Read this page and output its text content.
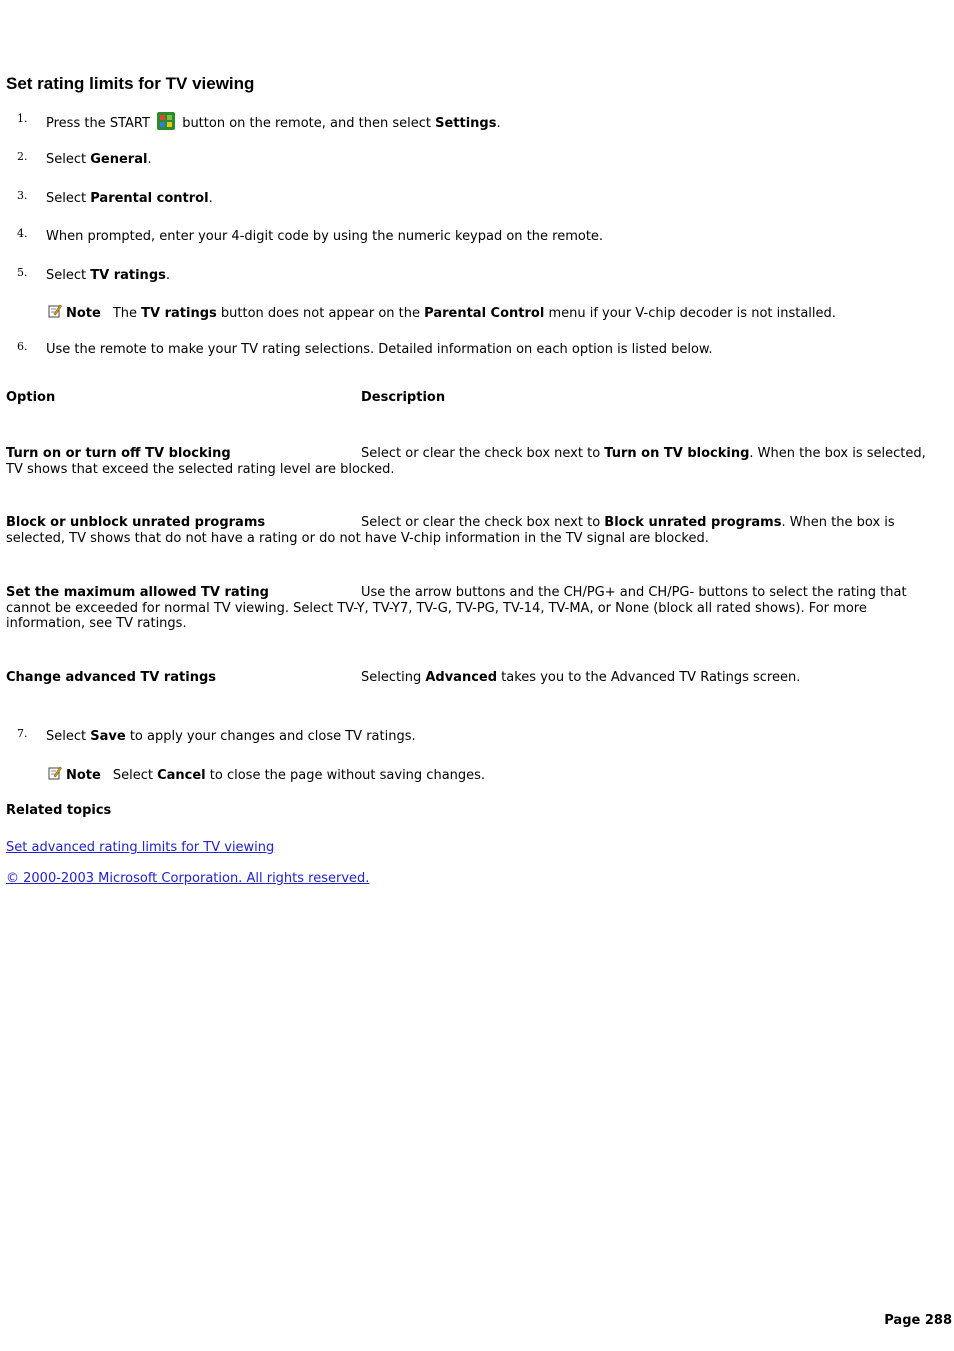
Set rating limits for TV viewing
1. Press the START  button on the remote, and then select Settings.
2. Select General.
3. Select Parental control.
4. When prompted, enter your 4-digit code by using the numeric keypad on the remote.
5. Select TV ratings.
Note The TV ratings button does not appear on the Parental Control menu if your V-chip decoder is not installed.
6. Use the remote to make your TV rating selections. Detailed information on each option is listed below.
Option	Description
Turn on or turn off TV blocking	Select or clear the check box next to Turn on TV blocking. When the box is selected, TV shows that exceed the selected rating level are blocked.
Block or unblock unrated programs	Select or clear the check box next to Block unrated programs. When the box is selected, TV shows that do not have a rating or do not have V-chip information in the TV signal are blocked.
Set the maximum allowed TV rating	Use the arrow buttons and the CH/PG+ and CH/PG- buttons to select the rating that cannot be exceeded for normal TV viewing. Select TV-Y, TV-Y7, TV-G, TV-PG, TV-14, TV-MA, or None (block all rated shows). For more information, see TV ratings.
Change advanced TV ratings	Selecting Advanced takes you to the Advanced TV Ratings screen.
7. Select Save to apply your changes and close TV ratings.
Note Select Cancel to close the page without saving changes.
Related topics
Set advanced rating limits for TV viewing
© 2000-2003 Microsoft Corporation. All rights reserved.
Page 288
